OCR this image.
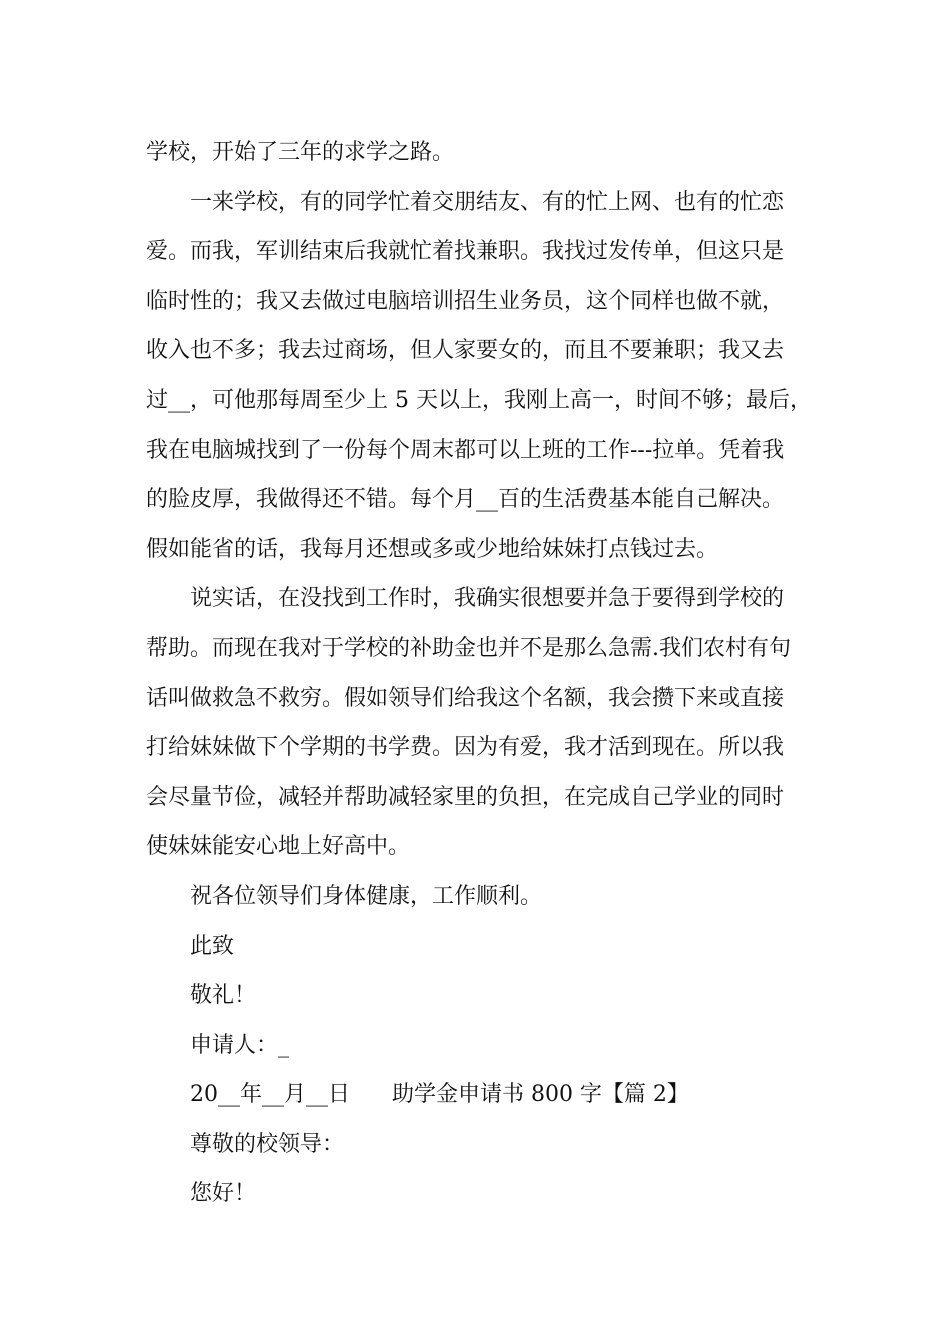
学校，开始了三年的求学之路。
一来学校，有的同学忙着交朋结友、有的忙上网、也有的忙恋
爱。而我，军训结束后我就忙着找兼职。我找过发传单，但这只是
临时性的；我又去做过电脑培训招生业务员，这个同样也做不就，
收入也不多；我去过商场，但人家要女的，而且不要兼职；我又去
过__，可他那每周至少上 5 天以上，我刚上高一，时间不够；最后，
我在电脑城找到了一份每个周末都可以上班的工作---拉单。凭着我
的脸皮厚，我做得还不错。每个月__百的生活费基本能自己解决。
假如能省的话，我每月还想或多或少地给妹妹打点钱过去。
说实话，在没找到工作时，我确实很想要并急于要得到学校的
帮助。而现在我对于学校的补助金也并不是那么急需.我们农村有句
话叫做救急不救穷。假如领导们给我这个名额，我会攒下来或直接
打给妹妹做下个学期的书学费。因为有爱，我才活到现在。所以我
会尽量节俭，减轻并帮助减轻家里的负担，在完成自己学业的同时
使妹妹能安心地上好高中。
祝各位领导们身体健康，工作顺利。
此致
敬礼！
申请人：_
20__年__月__日      助学金申请书 800 字【篇 2】
尊敬的校领导：
您好！
